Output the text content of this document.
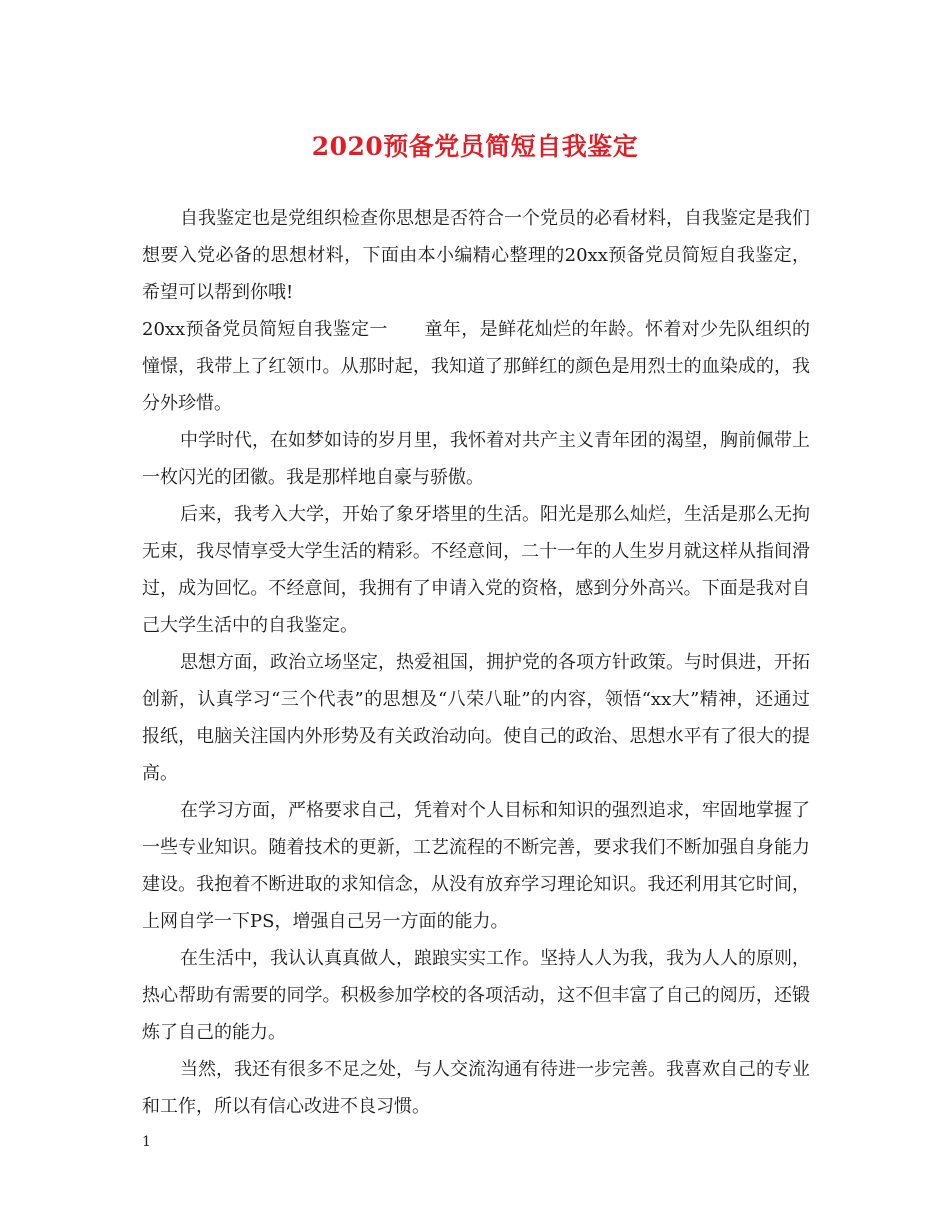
2020预备党员简短自我鉴定

自我鉴定也是党组织检查你思想是否符合一个党员的必看材料，自我鉴定是我们想要入党必备的思想材料，下面由本小编精心整理的20xx预备党员简短自我鉴定，希望可以帮到你哦!

20xx预备党员简短自我鉴定一　　童年，是鲜花灿烂的年龄。怀着对少先队组织的憧憬，我带上了红领巾。从那时起，我知道了那鲜红的颜色是用烈士的血染成的，我分外珍惜。

中学时代，在如梦如诗的岁月里，我怀着对共产主义青年团的渴望，胸前佩带上一枚闪光的团徽。我是那样地自豪与骄傲。

后来，我考入大学，开始了象牙塔里的生活。阳光是那么灿烂，生活是那么无拘无束，我尽情享受大学生活的精彩。不经意间，二十一年的人生岁月就这样从指间滑过，成为回忆。不经意间，我拥有了申请入党的资格，感到分外高兴。下面是我对自己大学生活中的自我鉴定。

思想方面，政治立场坚定，热爱祖国，拥护党的各项方针政策。与时俱进，开拓创新，认真学习“三个代表”的思想及“八荣八耻”的内容，领悟“xx大”精神，还通过报纸，电脑关注国内外形势及有关政治动向。使自己的政治、思想水平有了很大的提高。

在学习方面，严格要求自己，凭着对个人目标和知识的强烈追求，牢固地掌握了一些专业知识。随着技术的更新，工艺流程的不断完善，要求我们不断加强自身能力建设。我抱着不断进取的求知信念，从没有放弃学习理论知识。我还利用其它时间，上网自学一下PS，增强自己另一方面的能力。

在生活中，我认认真真做人，踉踉实实工作。坚持人人为我，我为人人的原则，热心帮助有需要的同学。积极参加学校的各项活动，这不但丰富了自己的阅历，还锻炼了自己的能力。

当然，我还有很多不足之处，与人交流沟通有待进一步完善。我喜欢自己的专业和工作，所以有信心改进不良习惯。

1
